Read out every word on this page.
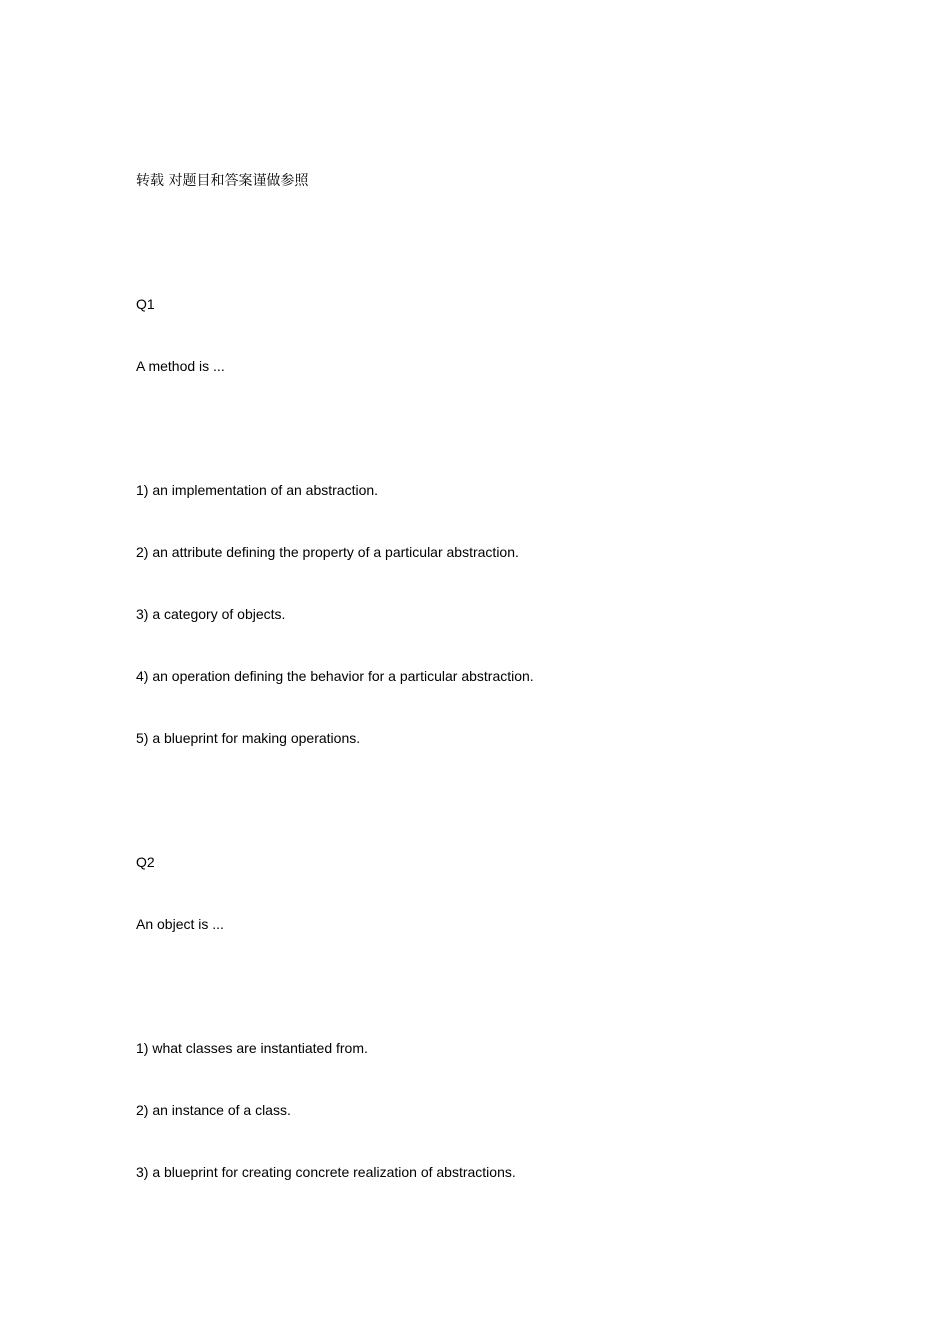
转载 对题目和答案谨做参照
Q1
A method is ...
1) an implementation of an abstraction.
2) an attribute defining the property of a particular abstraction.
3) a category of objects.
4) an operation defining the behavior for a particular abstraction.
5) a blueprint for making operations.
Q2
An object is ...
1) what classes are instantiated from.
2) an instance of a class.
3) a blueprint for creating concrete realization of abstractions.
